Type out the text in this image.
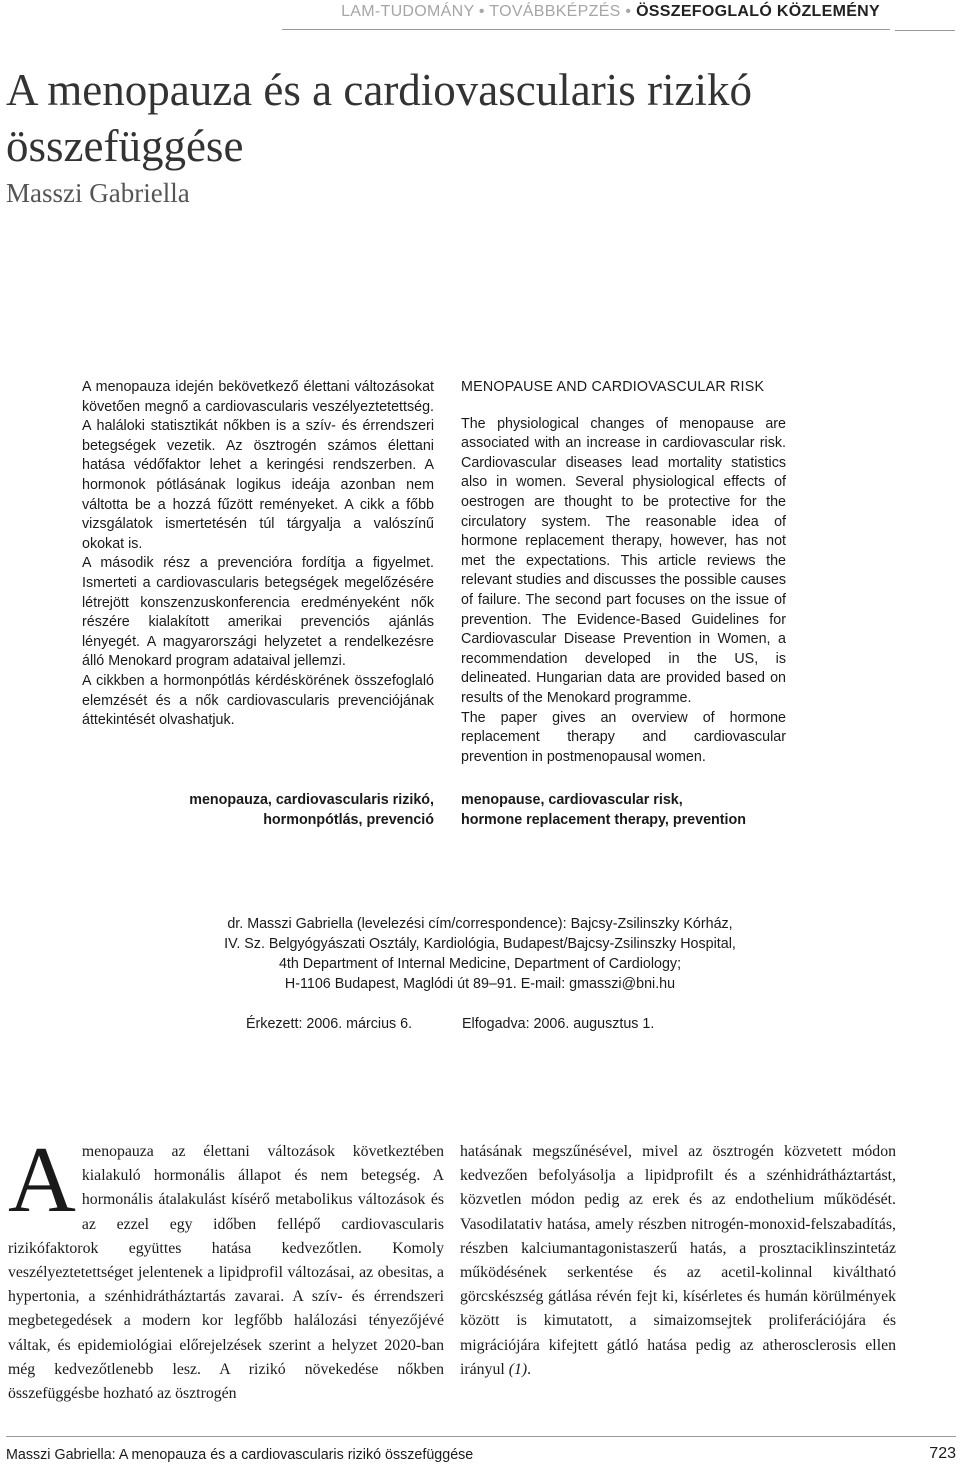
LAM-TUDOMÁNY • TOVÁBBKÉPZÉS • ÖSSZEFOGLALÓ KÖZLEMÉNY
A menopauza és a cardiovascularis rizikó
összefüggése
Masszi Gabriella

A menopauza idején bekövetkező élettani változásokat követően megnő a cardiovascularis veszélyeztetettség. A haláloki statisztikát nőkben is a szív- és érrendszeri betegségek vezetik. Az ösztrogén számos élettani hatása védőfaktor lehet a keringési rendszerben. A hormonok pótlásának logikus ideája azonban nem váltotta be a hozzá fűzött reményeket. A cikk a főbb vizsgálatok ismertetésén túl tárgyalja a valószínű okokat is.

A második rész a prevencióra fordítja a figyelmet. Ismerteti a cardiovascularis betegségek megelőzésére létrejött konszenzuskonferencia eredményeként nők részére kialakított amerikai prevenciós ajánlás lényegét. A magyarországi helyzetet a rendelkezésre álló Menokard program adataival jellemzi.

A cikkben a hormonpótlás kérdéskörének összefoglaló elemzését és a nők cardiovascularis prevenciójának áttekintését olvashatjuk.

MENOPAUSE AND CARDIOVASCULAR RISK

The physiological changes of menopause are associated with an increase in cardiovascular risk. Cardiovascular diseases lead mortality statistics also in women. Several physiological effects of oestrogen are thought to be protective for the circulatory system. The reasonable idea of hormone replacement therapy, however, has not met the expectations. This article reviews the relevant studies and discusses the possible causes of failure. The second part focuses on the issue of prevention. The Evidence-Based Guidelines for Cardiovascular Disease Prevention in Women, a recommendation developed in the US, is delineated. Hungarian data are provided based on results of the Menokard programme.

The paper gives an overview of hormone replacement therapy and cardiovascular prevention in postmenopausal women.

menopauza, cardiovascularis rizikó,
hormonpótlás, prevenció
menopause, cardiovascular risk,
hormone replacement therapy, prevention
dr. Masszi Gabriella (levelezési cím/correspondence): Bajcsy-Zsilinszky Kórház,
IV. Sz. Belgyógyászati Osztály, Kardiológia, Budapest/Bajcsy-Zsilinszky Hospital,
4th Department of Internal Medicine, Department of Cardiology;
H-1106 Budapest, Maglódi út 89–91. E-mail: gmasszi@bni.hu
Érkezett: 2006. március 6.	Elfogadva: 2006. augusztus 1.
A menopauza az élettani változások következtében kialakuló hormonális állapot és nem betegség. A hormonális átalakulást kísérő metabolikus változások és az ezzel egy időben fellépő cardiovascularis rizikófaktorok együttes hatása kedvezőtlen. Komoly veszélyeztetettséget jelentenek a lipidprofil változásai, az obesitas, a hypertonia, a szénhidrátháztartás zavarai. A szív- és érrendszeri megbetegedések a modern kor legfőbb halálozási tényezőjévé váltak, és epidemiológiai előrejelzések szerint a helyzet 2020-ban még kedvezőtlenebb lesz. A rizikó növekedése nőkben összefüggésbe hozható az ösztrogén
hatásának megszűnésével, mivel az ösztrogén közvetett módon kedvezően befolyásolja a lipidprofilt és a szénhidrátháztartást, közvetlen módon pedig az erek és az endothelium működését. Vasodilatativ hatása, amely részben nitrogén-monoxid-felszabadítás, részben kalciumantagonistaszerű hatás, a prosztaciklinszintetáz működésének serkentése és az acetil-kolinnal kiváltható görcskészség gátlása révén fejt ki, kísérletes és humán körülmények között is kimutatott, a simaizomsejtek proliferációjára és migrációjára kifejtett gátló hatása pedig az atherosclerosis ellen irányul (1).
Masszi Gabriella: A menopauza és a cardiovascularis rizikó összefüggése	723
